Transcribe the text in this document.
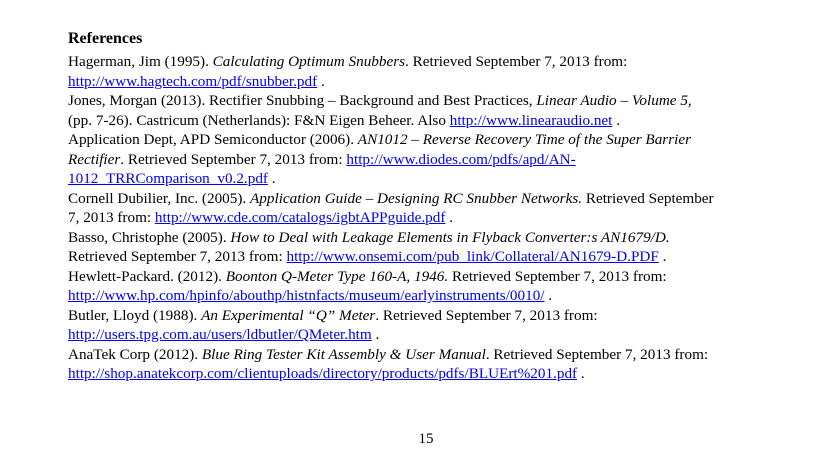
References

Hagerman, Jim (1995). Calculating Optimum Snubbers. Retrieved September 7, 2013 from:
http://www.hagtech.com/pdf/snubber.pdf .

Jones, Morgan (2013). Rectifier Snubbing – Background and Best Practices, Linear Audio – Volume 5,
(pp. 7-26). Castricum (Netherlands): F&N Eigen Beheer. Also http://www.linearaudio.net .

Application Dept, APD Semiconductor (2006). AN1012 – Reverse Recovery Time of the Super Barrier
Rectifier. Retrieved September 7, 2013 from: http://www.diodes.com/pdfs/apd/AN-
1012_TRRComparison_v0.2.pdf .

Cornell Dubilier, Inc. (2005). Application Guide – Designing RC Snubber Networks. Retrieved September
7, 2013 from: http://www.cde.com/catalogs/igbtAPPguide.pdf .

Basso, Christophe (2005). How to Deal with Leakage Elements in Flyback Converter:s AN1679/D.
Retrieved September 7, 2013 from: http://www.onsemi.com/pub_link/Collateral/AN1679-D.PDF .

Hewlett-Packard. (2012). Boonton Q-Meter Type 160-A, 1946. Retrieved September 7, 2013 from:
http://www.hp.com/hpinfo/abouthp/histnfacts/museum/earlyinstruments/0010/ .

Butler, Lloyd (1988). An Experimental “Q” Meter. Retrieved September 7, 2013 from:
http://users.tpg.com.au/users/ldbutler/QMeter.htm .

AnaTek Corp (2012). Blue Ring Tester Kit Assembly & User Manual. Retrieved September 7, 2013 from:
http://shop.anatekcorp.com/clientuploads/directory/products/pdfs/BLUErt%201.pdf .

15
